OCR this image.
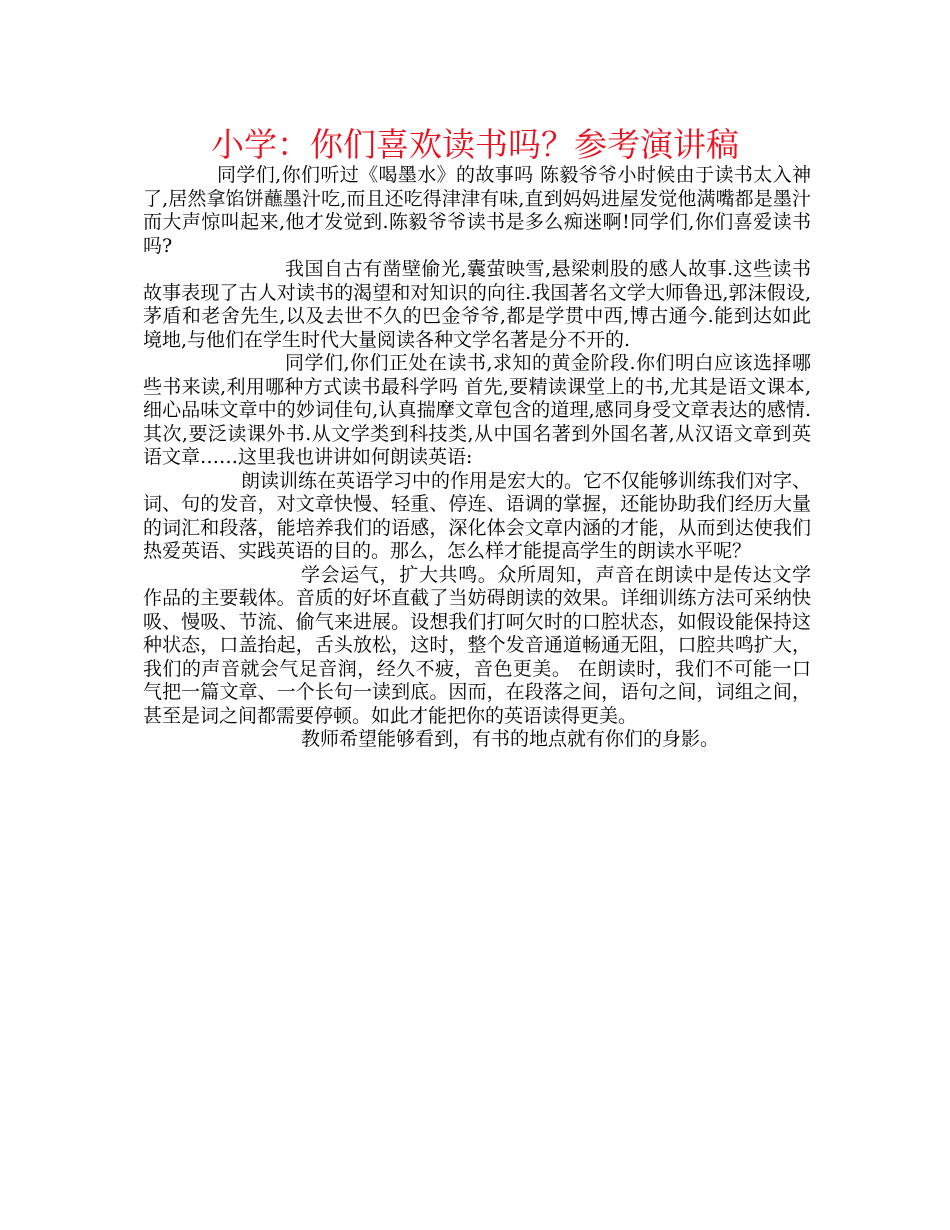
小学：你们喜欢读书吗？参考演讲稿

同学们,你们听过《喝墨水》的故事吗 陈毅爷爷小时候由于读书太入神了,居然拿馅饼蘸墨汁吃,而且还吃得津津有味,直到妈妈进屋发觉他满嘴都是墨汁而大声惊叫起来,他才发觉到.陈毅爷爷读书是多么痴迷啊!同学们,你们喜爱读书吗?

我国自古有凿壁偷光,囊萤映雪,悬梁刺股的感人故事.这些读书故事表现了古人对读书的渴望和对知识的向往.我国著名文学大师鲁迅,郭沫假设,茅盾和老舍先生,以及去世不久的巴金爷爷,都是学贯中西,博古通今.能到达如此境地,与他们在学生时代大量阅读各种文学名著是分不开的.

同学们,你们正处在读书,求知的黄金阶段.你们明白应该选择哪些书来读,利用哪种方式读书最科学吗 首先,要精读课堂上的书,尤其是语文课本,细心品味文章中的妙词佳句,认真揣摩文章包含的道理,感同身受文章表达的感情.其次,要泛读课外书.从文学类到科技类,从中国名著到外国名著,从汉语文章到英语文章……这里我也讲讲如何朗读英语:

朗读训练在英语学习中的作用是宏大的。它不仅能够训练我们对字、词、句的发音，对文章快慢、轻重、停连、语调的掌握，还能协助我们经历大量的词汇和段落，能培养我们的语感，深化体会文章内涵的才能，从而到达使我们热爱英语、实践英语的目的。那么，怎么样才能提高学生的朗读水平呢？

学会运气，扩大共鸣。众所周知，声音在朗读中是传达文学作品的主要载体。音质的好坏直截了当妨碍朗读的效果。详细训练方法可采纳快吸、慢吸、节流、偷气来进展。设想我们打呵欠时的口腔状态，如假设能保持这种状态，口盖抬起，舌头放松，这时，整个发音通道畅通无阻，口腔共鸣扩大，我们的声音就会气足音润，经久不疲，音色更美。 在朗读时，我们不可能一口气把一篇文章、一个长句一读到底。因而，在段落之间，语句之间，词组之间，甚至是词之间都需要停顿。如此才能把你的英语读得更美。

教师希望能够看到，有书的地点就有你们的身影。
